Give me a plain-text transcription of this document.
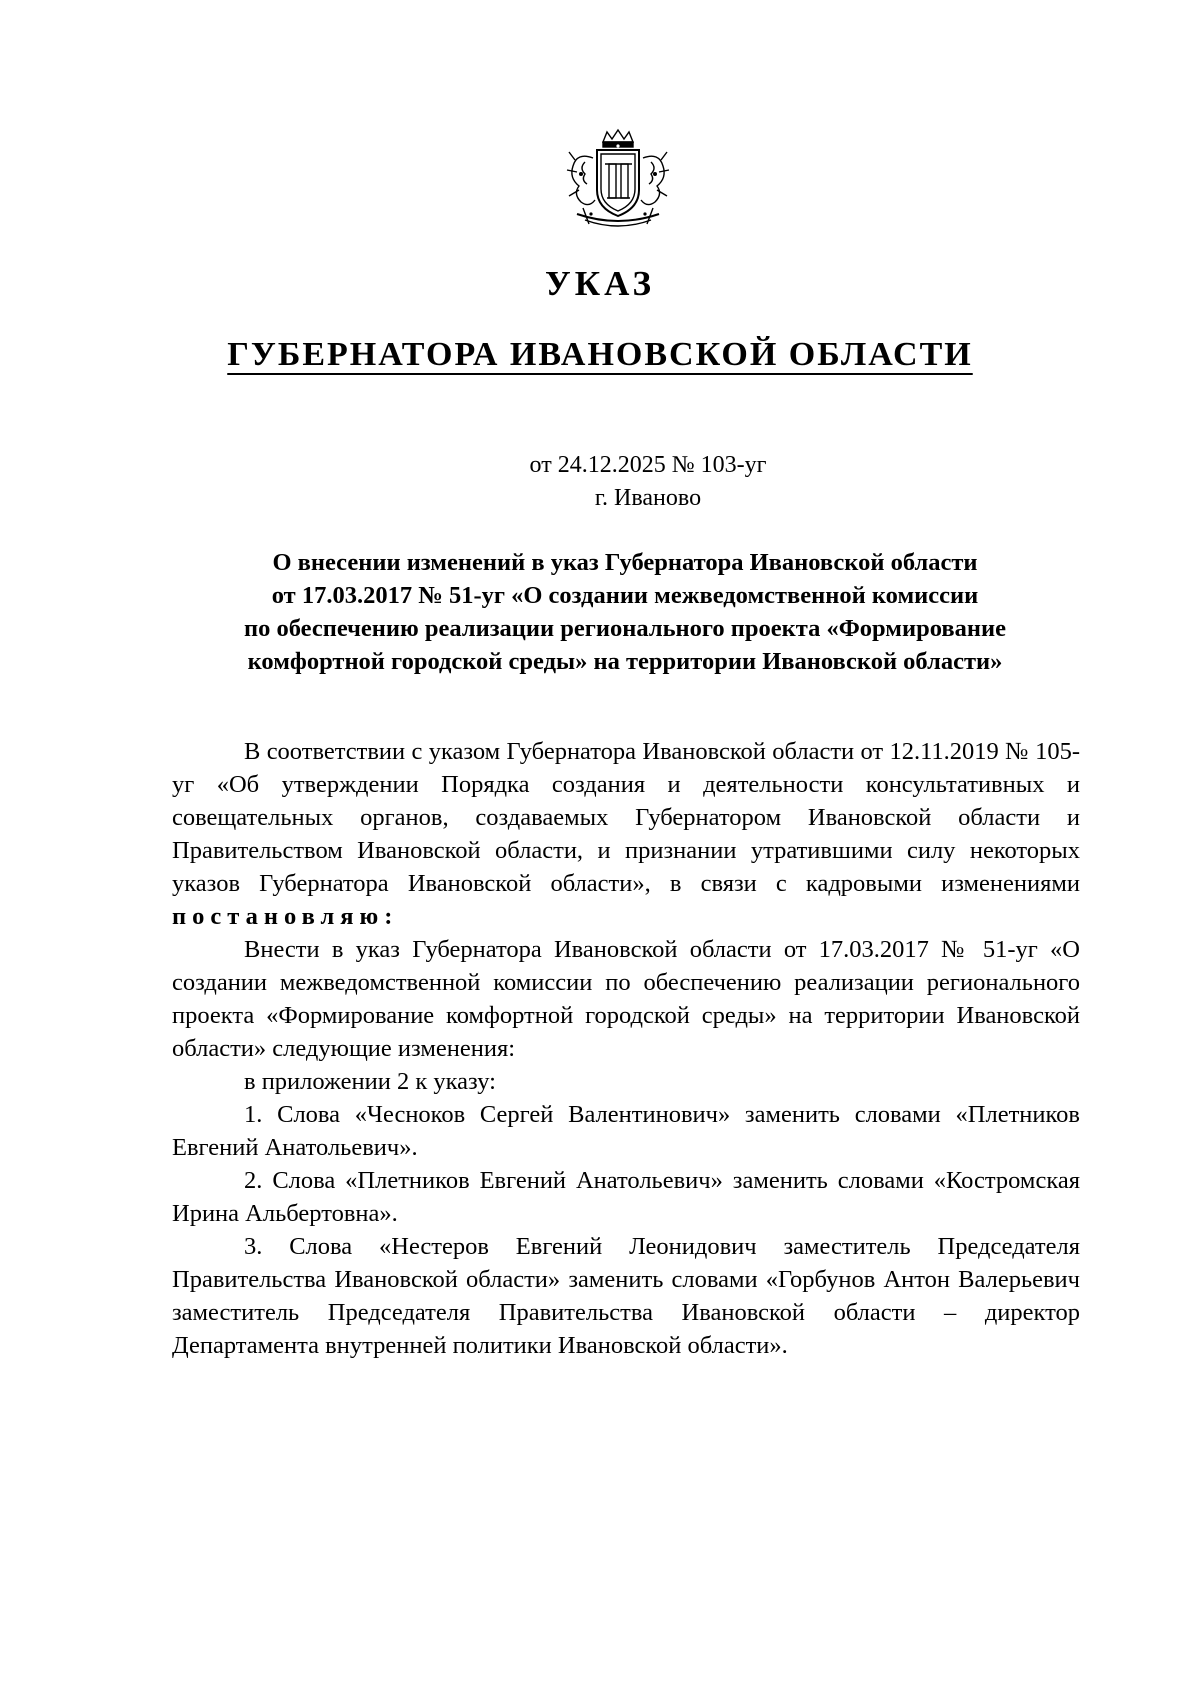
УКАЗ
ГУБЕРНАТОРА ИВАНОВСКОЙ ОБЛАСТИ
от 24.12.2025 № 103-уг
г. Иваново
О внесении изменений в указ Губернатора Ивановской области
от 17.03.2017 № 51-уг «О создании межведомственной комиссии
по обеспечению реализации регионального проекта «Формирование
комфортной городской среды» на территории Ивановской области»

В соответствии с указом Губернатора Ивановской области от 12.11.2019 № 105-уг «Об утверждении Порядка создания и деятельности консультативных и совещательных органов, создаваемых Губернатором Ивановской области и Правительством Ивановской области, и признании утратившими силу некоторых указов Губернатора Ивановской области», в связи с кадровыми изменениями постановляю:

Внести в указ Губернатора Ивановской области от 17.03.2017 № 51-уг «О создании межведомственной комиссии по обеспечению реализации регионального проекта «Формирование комфортной городской среды» на территории Ивановской области» следующие изменения:

в приложении 2 к указу:

1. Слова «Чесноков Сергей Валентинович» заменить словами «Плетников Евгений Анатольевич».

2. Слова «Плетников Евгений Анатольевич» заменить словами «Костромская Ирина Альбертовна».

3. Слова «Нестеров Евгений Леонидович заместитель Председателя Правительства Ивановской области» заменить словами «Горбунов Антон Валерьевич заместитель Председателя Правительства Ивановской области – директор Департамента внутренней политики Ивановской области».
